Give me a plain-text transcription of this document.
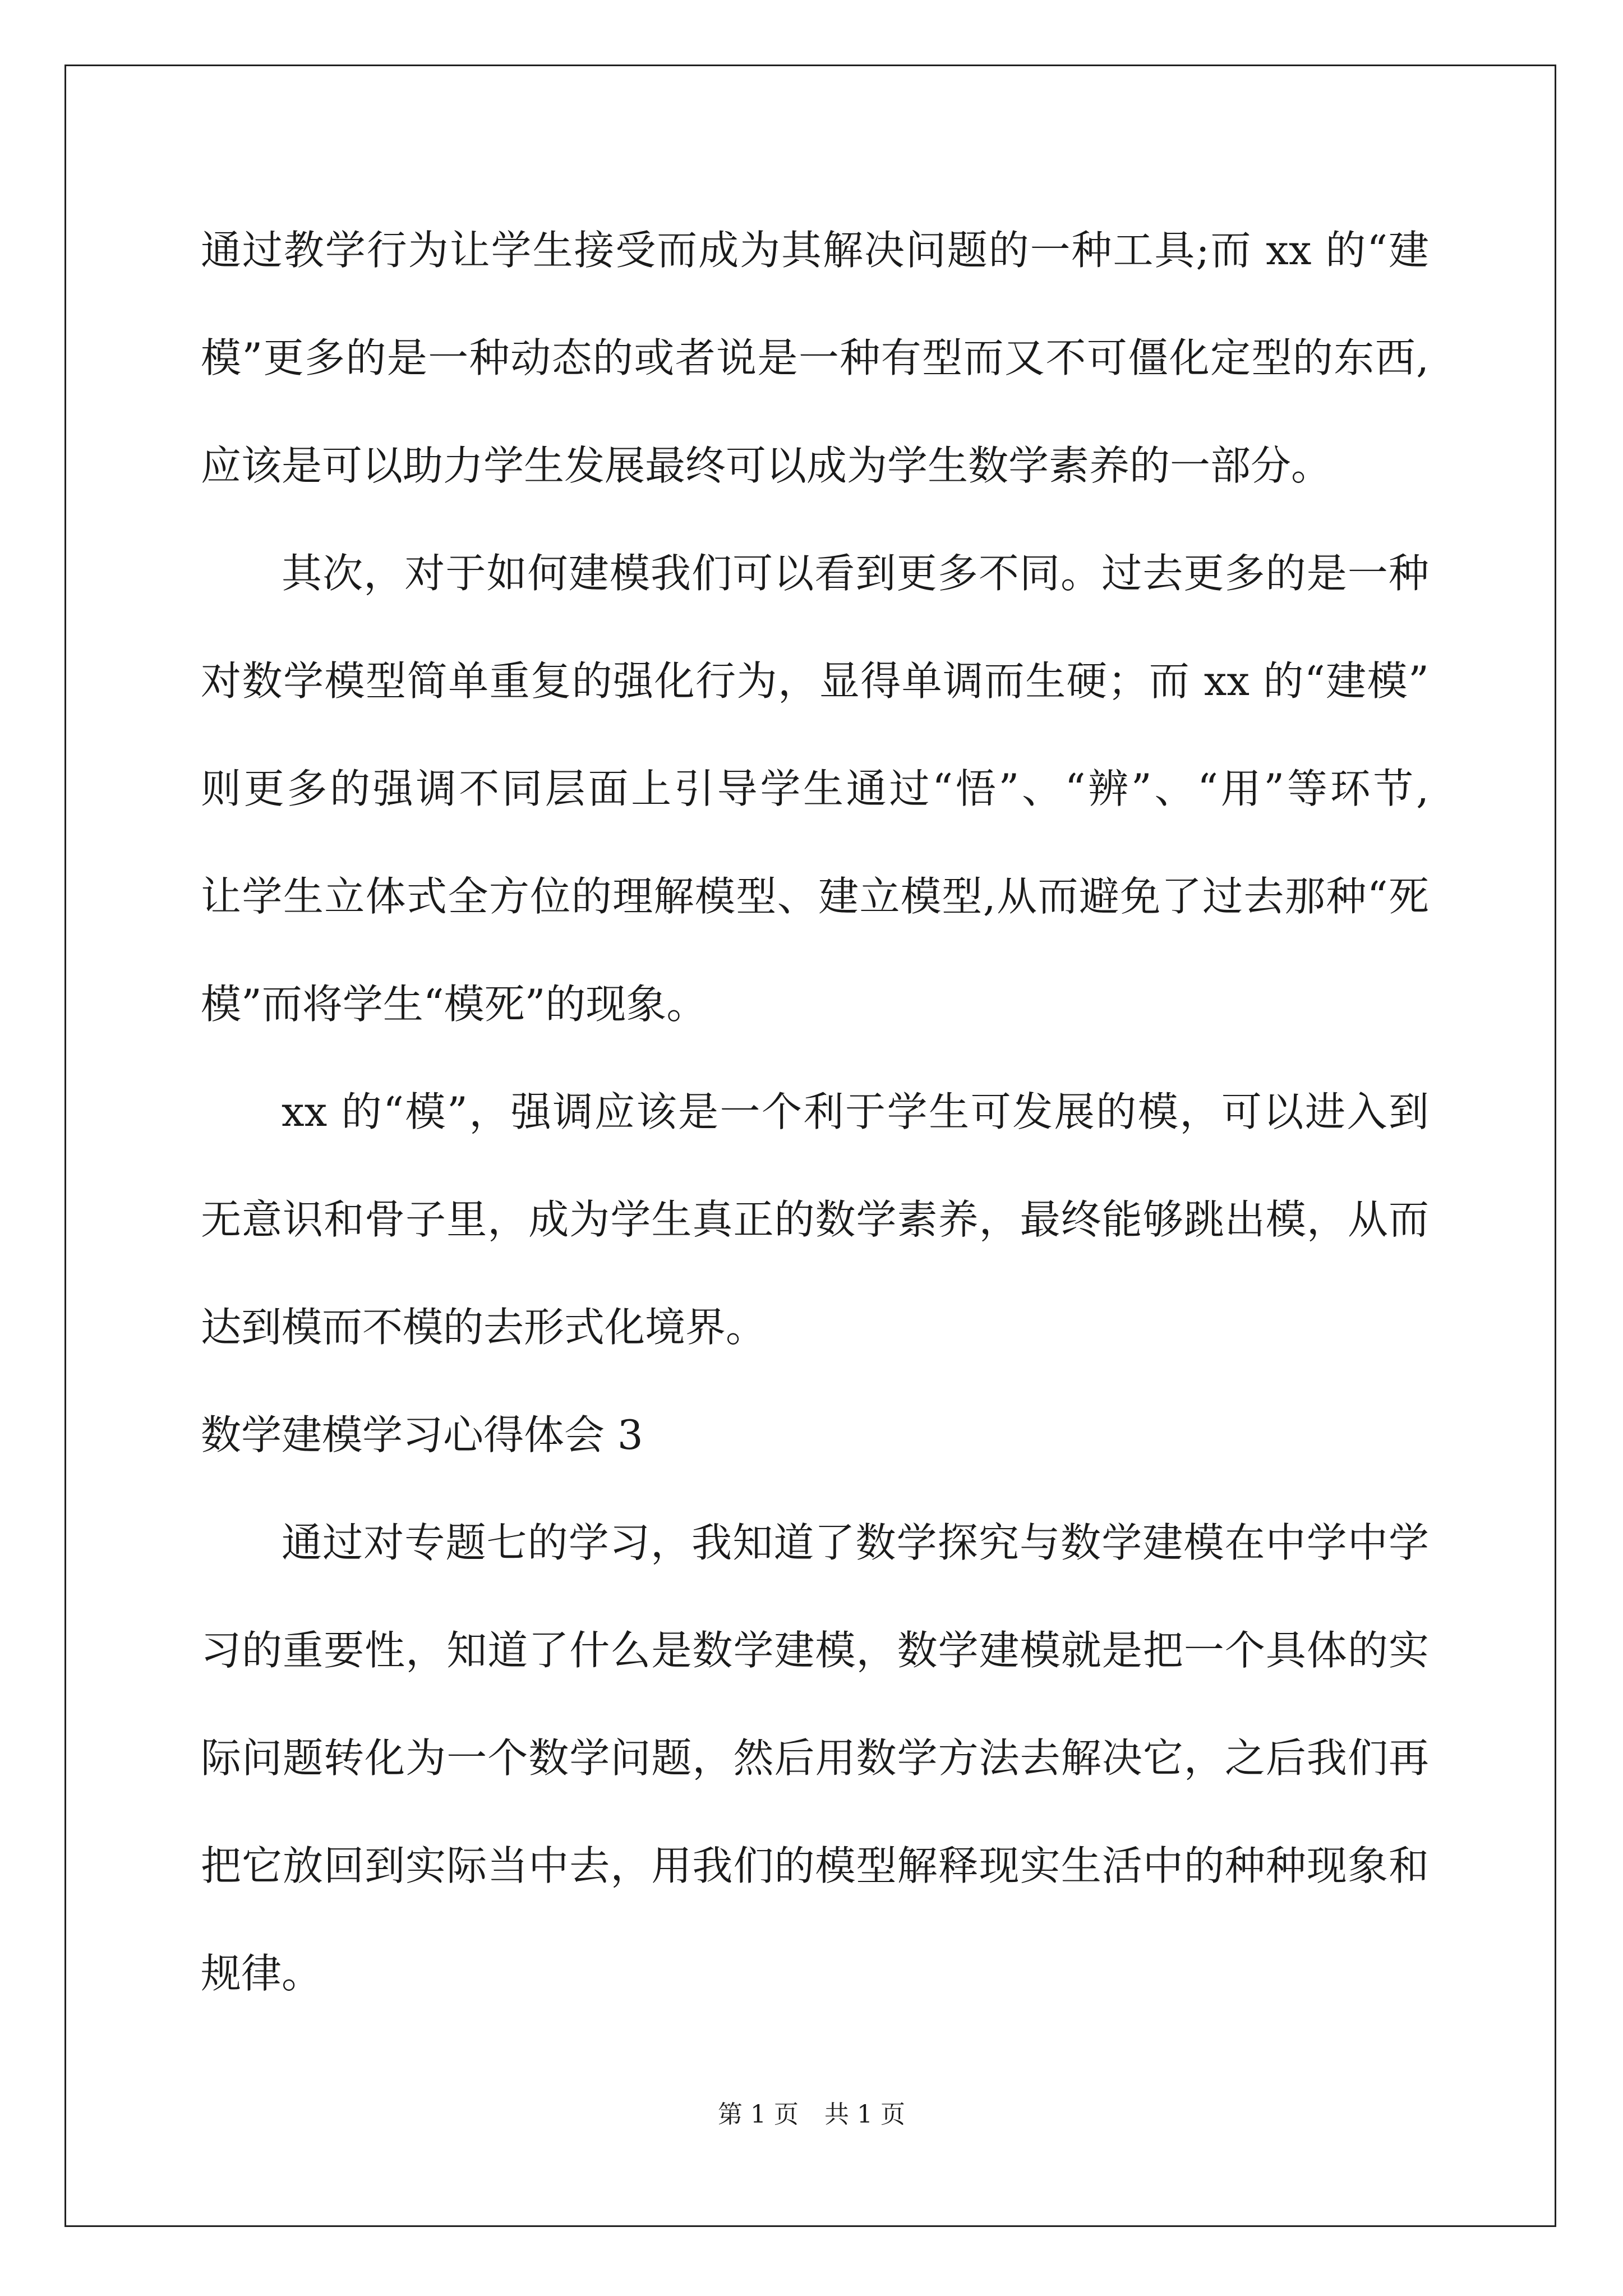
通过教学行为让学生接受而成为其解决问题的一种工具;而 xx 的“建
模”更多的是一种动态的或者说是一种有型而又不可僵化定型的东西,
应该是可以助力学生发展最终可以成为学生数学素养的一部分。
其次，对于如何建模我们可以看到更多不同。过去更多的是一种
对数学模型简单重复的强化行为，显得单调而生硬；而 xx 的“建模”
则更多的强调不同层面上引导学生通过“悟”、“辨”、“用”等环节,
让学生立体式全方位的理解模型、建立模型,从而避免了过去那种“死
模”而将学生“模死”的现象。
xx 的“模”，强调应该是一个利于学生可发展的模，可以进入到
无意识和骨子里，成为学生真正的数学素养，最终能够跳出模，从而
达到模而不模的去形式化境界。
数学建模学习心得体会 3
通过对专题七的学习，我知道了数学探究与数学建模在中学中学
习的重要性，知道了什么是数学建模，数学建模就是把一个具体的实
际问题转化为一个数学问题，然后用数学方法去解决它，之后我们再
把它放回到实际当中去，用我们的模型解释现实生活中的种种现象和
规律。
第 1 页 共 1 页
